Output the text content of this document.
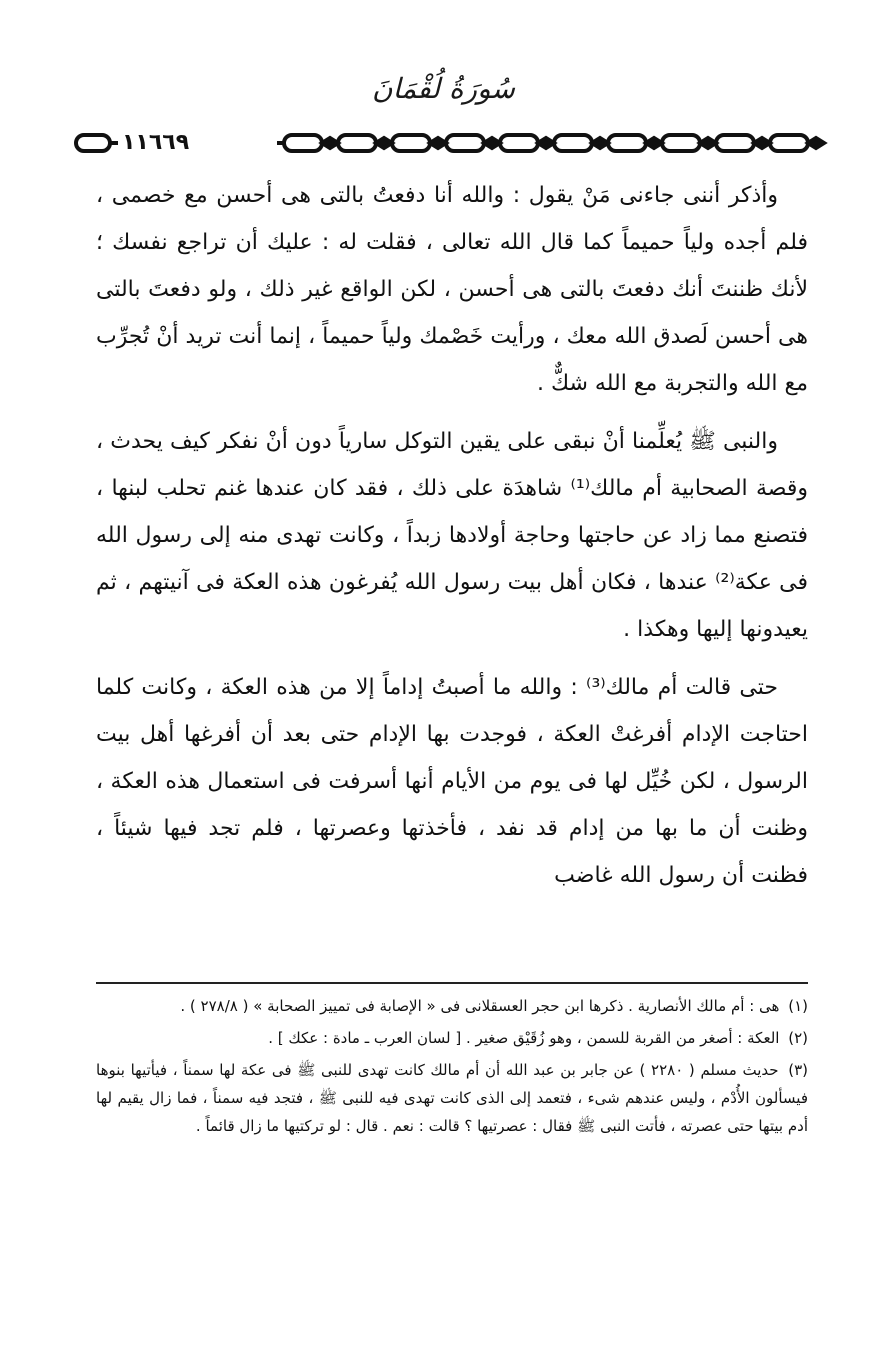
سُورَةُ لُقْمَانَ
١١٦٦٩

وأذكر أننى جاءنى مَنْ يقول : والله أنا دفعتُ بالتى هى أحسن مع خصمى ، فلم أجده ولياً حميماً كما قال الله تعالى ، فقلت له : عليك أن تراجع نفسك ؛ لأنك ظننتَ أنك دفعتَ بالتى هى أحسن ، لكن الواقع غير ذلك ، ولو دفعتَ بالتى هى أحسن لَصدق الله معك ، ورأيت خَصْمك ولياً حميماً ، إنما أنت تريد أنْ تُجرِّب مع الله والتجربة مع الله شكٌّ .

والنبى ﷺ يُعلِّمنا أنْ نبقى على يقين التوكل سارياً دون أنْ نفكر كيف يحدث ، وقصة الصحابية أم مالك⁽¹⁾ شاهدَة على ذلك ، فقد كان عندها غنم تحلب لبنها ، فتصنع مما زاد عن حاجتها وحاجة أولادها زبداً ، وكانت تهدى منه إلى رسول الله فى عكة⁽²⁾ عندها ، فكان أهل بيت رسول الله يُفرغون هذه العكة فى آنيتهم ، ثم يعيدونها إليها وهكذا .

حتى قالت أم مالك⁽³⁾ : والله ما أصبتُ إداماً إلا من هذه العكة ، وكانت كلما احتاجت الإدام أفرغتْ العكة ، فوجدت بها الإدام حتى بعد أن أفرغها أهل بيت الرسول ، لكن خُيِّل لها فى يوم من الأيام أنها أسرفت فى استعمال هذه العكة ، وظنت أن ما بها من إدام قد نفد ، فأخذتها وعصرتها ، فلم تجد فيها شيئاً ، فظنت أن رسول الله غاضب

(١) هى : أم مالك الأنصارية . ذكرها ابن حجر العسقلانى فى « الإصابة فى تمييز الصحابة » ( ٢٧٨/٨ ) .

(٢) العكة : أصغر من القربة للسمن ، وهو زُقَيْق صغير . [ لسان العرب ـ مادة : عكك ] .

(٣) حديث مسلم ( ٢٢٨٠ ) عن جابر بن عبد الله أن أم مالك كانت تهدى للنبى ﷺ فى عكة لها سمناً ، فيأتيها بنوها فيسألون الأُدْم ، وليس عندهم شىء ، فتعمد إلى الذى كانت تهدى فيه للنبى ﷺ ، فتجد فيه سمناً ، فما زال يقيم لها أدم بيتها حتى عصرته ، فأتت النبى ﷺ فقال : عصرتيها ؟ قالت : نعم . قال : لو تركتيها ما زال قائماً .
